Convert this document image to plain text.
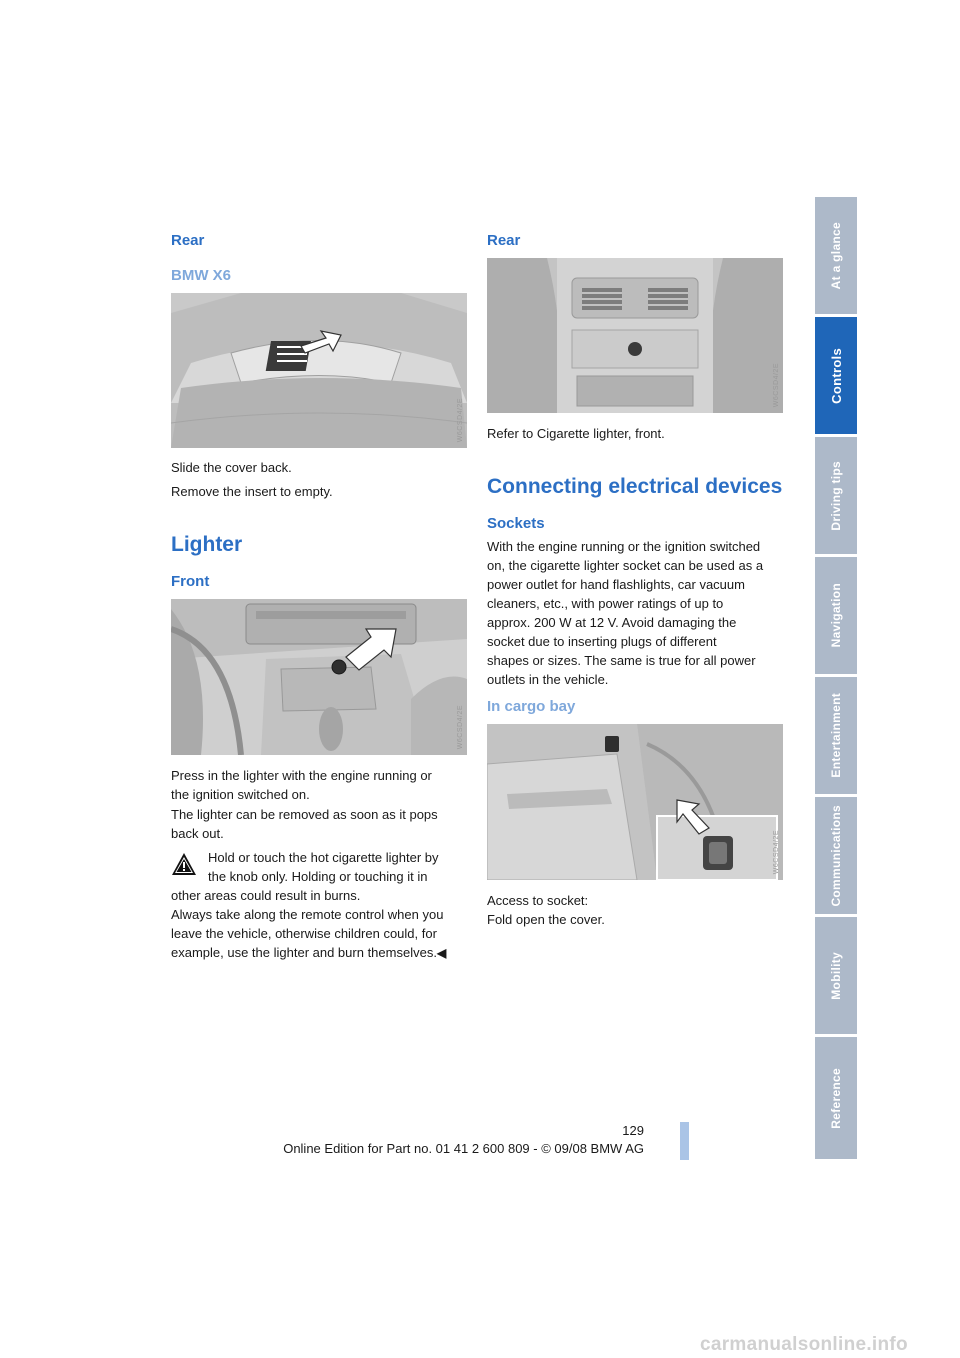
Rear
BMW X6
W6CSD4/2E

Slide the cover back.

Remove the insert to empty.

Lighter
Front
W6CSD4/2E

Press in the lighter with the engine running or

the ignition switched on.

The lighter can be removed as soon as it pops

back out.

Hold or touch the hot cigarette lighter by

the knob only. Holding or touching it in

other areas could result in burns.

Always take along the remote control when you

leave the vehicle, otherwise children could, for

example, use the lighter and burn themselves.◀

Rear
W6CSD4/2E

Refer to Cigarette lighter, front.

Connecting electrical devices
Sockets

With the engine running or the ignition switched

on, the cigarette lighter socket can be used as a

power outlet for hand flashlights, car vacuum

cleaners, etc., with power ratings of up to

approx. 200 W at 12 V. Avoid damaging the

socket due to inserting plugs of different

shapes or sizes. The same is true for all power

outlets in the vehicle.

In cargo bay
W6CSD4/2E

Access to socket:

Fold open the cover.

At a glance
Controls
Driving tips
Navigation
Entertainment
Communications
Mobility
Reference

129

Online Edition for Part no. 01 41 2 600 809 - © 09/08 BMW AG

carmanualsonline.info
